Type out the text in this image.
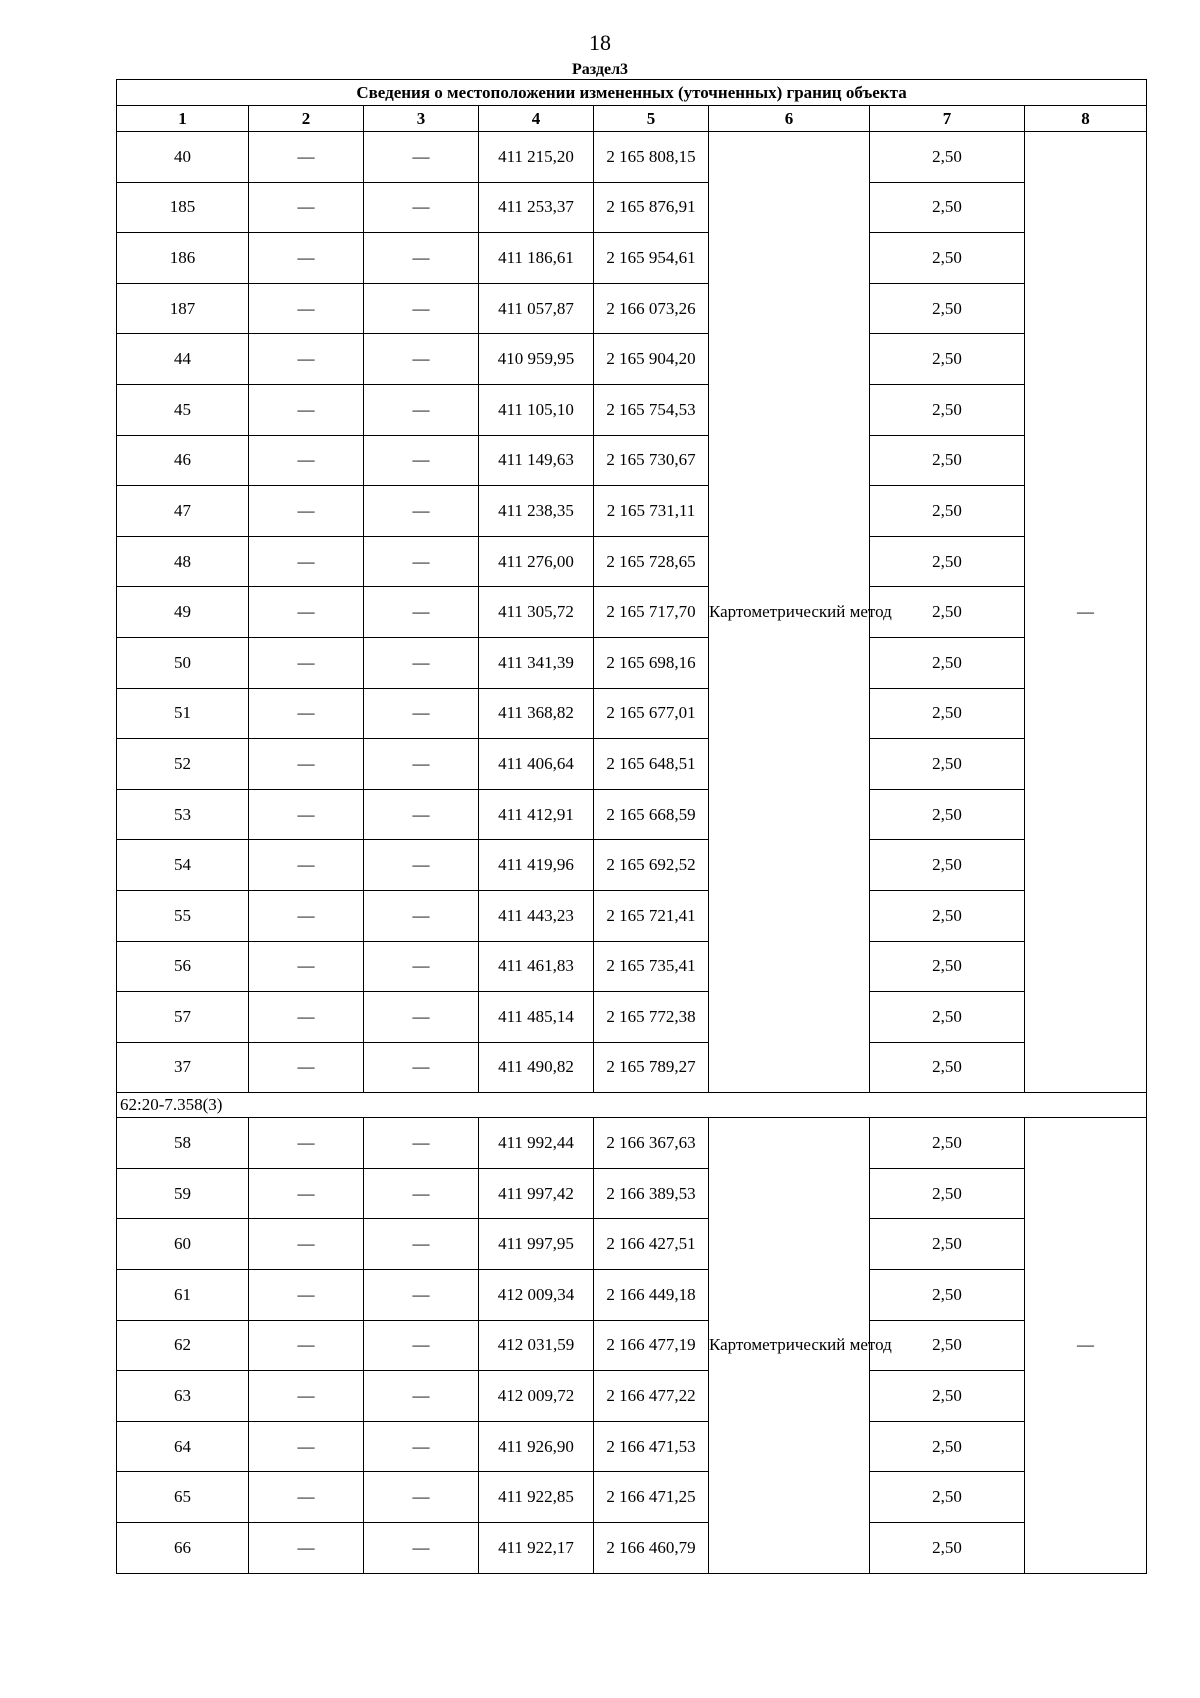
18
Раздел3
Сведения о местоположении измененных (уточненных) границ объекта							
1	2	3	4	5	6	7	8
40	—	—	411 215,20	2 165 808,15	Картометрический метод	2,50	—
185	—	—	411 253,37	2 165 876,91		2,50	
186	—	—	411 186,61	2 165 954,61		2,50	
187	—	—	411 057,87	2 166 073,26		2,50	
44	—	—	410 959,95	2 165 904,20		2,50	
45	—	—	411 105,10	2 165 754,53		2,50	
46	—	—	411 149,63	2 165 730,67		2,50	
47	—	—	411 238,35	2 165 731,11		2,50	
48	—	—	411 276,00	2 165 728,65		2,50	
49	—	—	411 305,72	2 165 717,70		2,50	
50	—	—	411 341,39	2 165 698,16		2,50	
51	—	—	411 368,82	2 165 677,01		2,50	
52	—	—	411 406,64	2 165 648,51		2,50	
53	—	—	411 412,91	2 165 668,59		2,50	
54	—	—	411 419,96	2 165 692,52		2,50	
55	—	—	411 443,23	2 165 721,41		2,50	
56	—	—	411 461,83	2 165 735,41		2,50	
57	—	—	411 485,14	2 165 772,38		2,50	
37	—	—	411 490,82	2 165 789,27		2,50	
62:20-7.358(3)							
58	—	—	411 992,44	2 166 367,63	Картометрический метод	2,50	—
59	—	—	411 997,42	2 166 389,53		2,50	
60	—	—	411 997,95	2 166 427,51		2,50	
61	—	—	412 009,34	2 166 449,18		2,50	
62	—	—	412 031,59	2 166 477,19		2,50	
63	—	—	412 009,72	2 166 477,22		2,50	
64	—	—	411 926,90	2 166 471,53		2,50	
65	—	—	411 922,85	2 166 471,25		2,50	
66	—	—	411 922,17	2 166 460,79		2,50	
